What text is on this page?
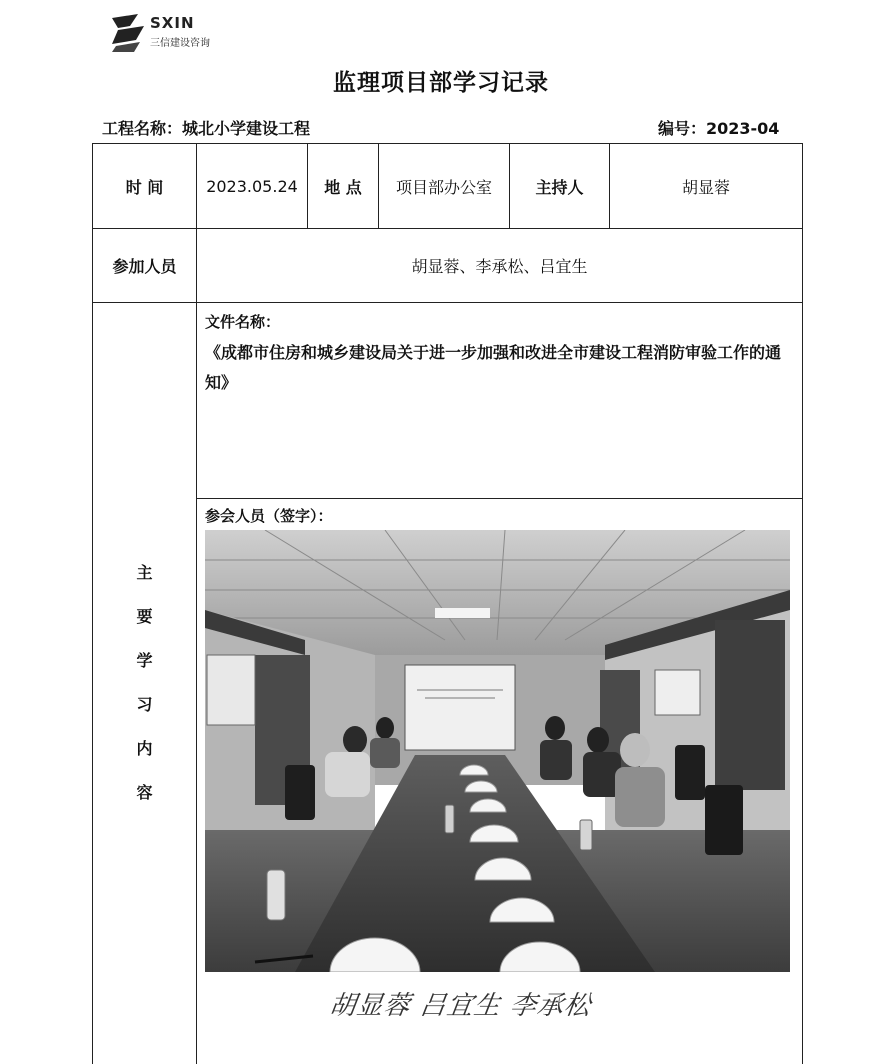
SXIN
三信建设咨询
监理项目部学习记录
工程名称：城北小学建设工程	编号：2023-04
时 间	2023.05.24	地 点	项目部办公室	主持人	胡显蓉
参加人员	胡显蓉、李承松、吕宜生
主
要
学
习
内
容
文件名称：
《成都市住房和城乡建设局关于进一步加强和改进全市建设工程消防审验工作的通知》
参会人员（签字）：
胡显蓉 吕宜生 李承松
